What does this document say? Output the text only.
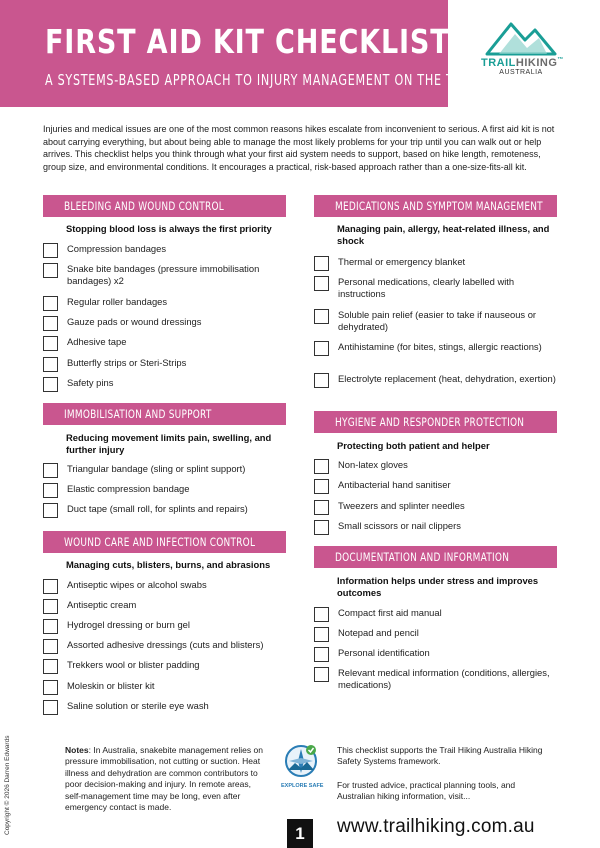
FIRST AID KIT CHECKLIST
A SYSTEMS-BASED APPROACH TO INJURY MANAGEMENT ON THE TRAIL
TRAILHIKING™
AUSTRALIA
Injuries and medical issues are one of the most common reasons hikes escalate from inconvenient to serious. A first aid kit is not about carrying everything, but about being able to manage the most likely problems for your trip until you can walk out or help arrives. This checklist helps you think through what your first aid system needs to support, based on hike length, remoteness, group size, and environmental conditions. It encourages a practical, risk-based approach rather than a one-size-fits-all kit.
BLEEDING AND WOUND CONTROL
Stopping blood loss is always the first priority
Compression bandages
Snake bite bandages (pressure immobilisation bandages) x2
Regular roller bandages
Gauze pads or wound dressings
Adhesive tape
Butterfly strips or Steri-Strips
Safety pins
IMMOBILISATION AND SUPPORT
Reducing movement limits pain, swelling, and further injury
Triangular bandage (sling or splint support)
Elastic compression bandage
Duct tape (small roll, for splints and repairs)
WOUND CARE AND INFECTION CONTROL
Managing cuts, blisters, burns, and abrasions
Antiseptic wipes or alcohol swabs
Antiseptic cream
Hydrogel dressing or burn gel
Assorted adhesive dressings (cuts and blisters)
Trekkers wool or blister padding
Moleskin or blister kit
Saline solution or sterile eye wash
MEDICATIONS AND SYMPTOM MANAGEMENT
Managing pain, allergy, heat-related illness, and shock
Thermal or emergency blanket
Personal medications, clearly labelled with instructions
Soluble pain relief (easier to take if nauseous or dehydrated)
Antihistamine (for bites, stings, allergic reactions)
Electrolyte replacement (heat, dehydration, exertion)
HYGIENE AND RESPONDER PROTECTION
Protecting both patient and helper
Non-latex gloves
Antibacterial hand sanitiser
Tweezers and splinter needles
Small scissors or nail clippers
DOCUMENTATION AND INFORMATION
Information helps under stress and improves outcomes
Compact first aid manual
Notepad and pencil
Personal identification
Relevant medical information (conditions, allergies, medications)
Copyright © 2026 Darren Edwards	Notes: In Australia, snakebite management relies on pressure immobilisation, not cutting or suction. Heat illness and dehydration are common contributors to poor decision-making and injury. In remote areas, self-management time may be long, even after emergency contact is made.
EXPLORE SAFE

This checklist supports the Trail Hiking Australia Hiking Safety Systems framework.

For trusted advice, practical planning tools, and Australian hiking information, visit...

1	www.trailhiking.com.au
